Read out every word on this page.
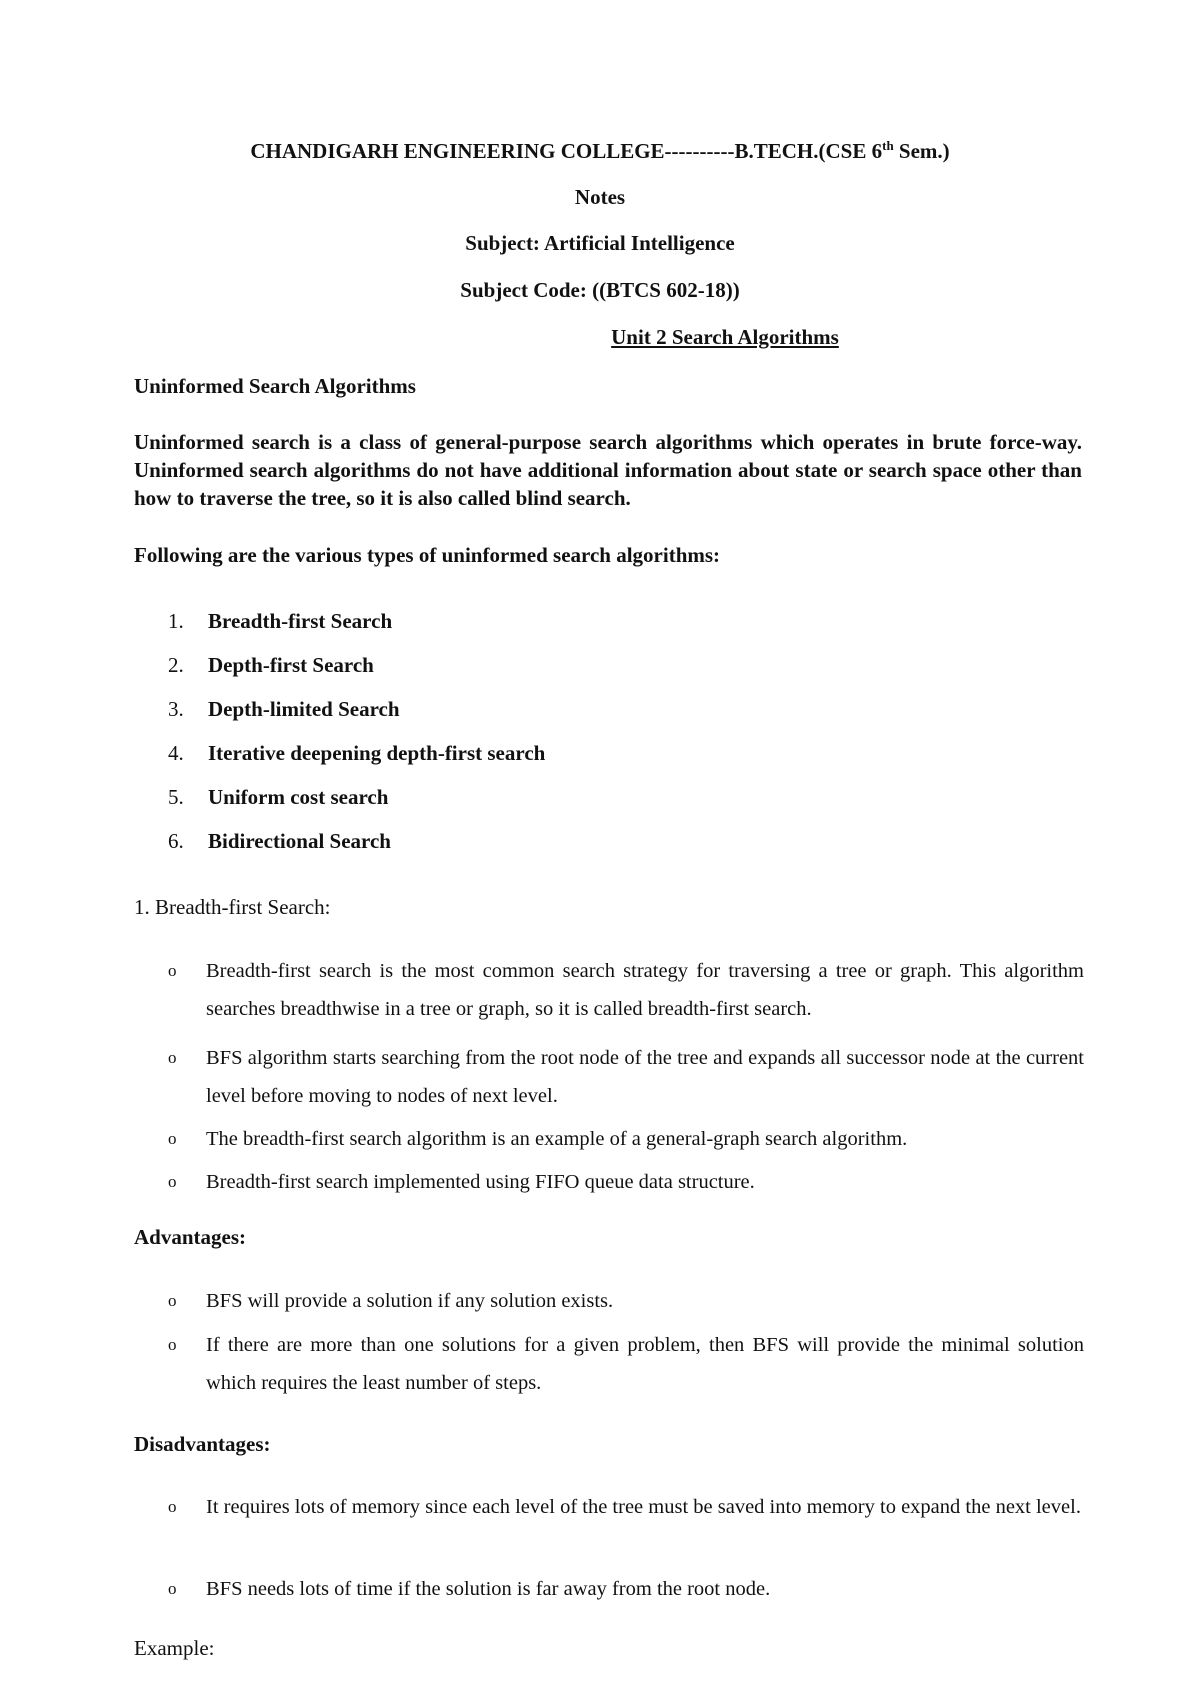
CHANDIGARH ENGINEERING COLLEGE----------B.TECH.(CSE 6th Sem.)
Notes
Subject: Artificial Intelligence
Subject Code: ((BTCS 602-18))
Unit 2 Search Algorithms
Uninformed Search Algorithms
Uninformed search is a class of general-purpose search algorithms which operates in brute force-way. Uninformed search algorithms do not have additional information about state or search space other than how to traverse the tree, so it is also called blind search.
Following are the various types of uninformed search algorithms:
1. Breadth-first Search
2. Depth-first Search
3. Depth-limited Search
4. Iterative deepening depth-first search
5. Uniform cost search
6. Bidirectional Search
1. Breadth-first Search:
o Breadth-first search is the most common search strategy for traversing a tree or graph. This algorithm searches breadthwise in a tree or graph, so it is called breadth-first search.
o BFS algorithm starts searching from the root node of the tree and expands all successor node at the current level before moving to nodes of next level.
o The breadth-first search algorithm is an example of a general-graph search algorithm.
o Breadth-first search implemented using FIFO queue data structure.
Advantages:
o BFS will provide a solution if any solution exists.
o If there are more than one solutions for a given problem, then BFS will provide the minimal solution which requires the least number of steps.
Disadvantages:
o It requires lots of memory since each level of the tree must be saved into memory to expand the next level.
o BFS needs lots of time if the solution is far away from the root node.
Example:
